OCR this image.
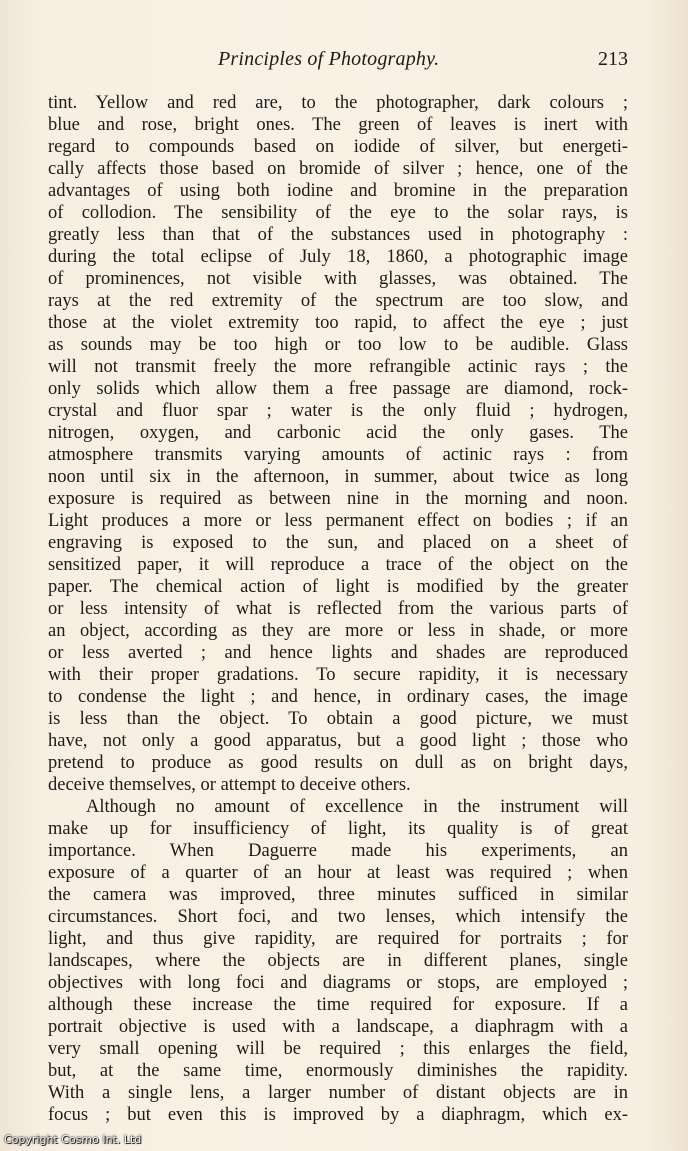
Principles of Photography.	213
tint. Yellow and red are, to the photographer, dark colours ;
blue and rose, bright ones. The green of leaves is inert with
regard to compounds based on iodide of silver, but energeti-
cally affects those based on bromide of silver ; hence, one of the
advantages of using both iodine and bromine in the preparation
of collodion. The sensibility of the eye to the solar rays, is
greatly less than that of the substances used in photography :
during the total eclipse of July 18, 1860, a photographic image
of prominences, not visible with glasses, was obtained. The
rays at the red extremity of the spectrum are too slow, and
those at the violet extremity too rapid, to affect the eye ; just
as sounds may be too high or too low to be audible. Glass
will not transmit freely the more refrangible actinic rays ; the
only solids which allow them a free passage are diamond, rock-
crystal and fluor spar ; water is the only fluid ; hydrogen,
nitrogen, oxygen, and carbonic acid the only gases. The
atmosphere transmits varying amounts of actinic rays : from
noon until six in the afternoon, in summer, about twice as long
exposure is required as between nine in the morning and noon.
Light produces a more or less permanent effect on bodies ; if an
engraving is exposed to the sun, and placed on a sheet of
sensitized paper, it will reproduce a trace of the object on the
paper. The chemical action of light is modified by the greater
or less intensity of what is reflected from the various parts of
an object, according as they are more or less in shade, or more
or less averted ; and hence lights and shades are reproduced
with their proper gradations. To secure rapidity, it is necessary
to condense the light ; and hence, in ordinary cases, the image
is less than the object. To obtain a good picture, we must
have, not only a good apparatus, but a good light ; those who
pretend to produce as good results on dull as on bright days,
deceive themselves, or attempt to deceive others.
Although no amount of excellence in the instrument will
make up for insufficiency of light, its quality is of great
importance. When Daguerre made his experiments, an
exposure of a quarter of an hour at least was required ; when
the camera was improved, three minutes sufficed in similar
circumstances. Short foci, and two lenses, which intensify the
light, and thus give rapidity, are required for portraits ; for
landscapes, where the objects are in different planes, single
objectives with long foci and diagrams or stops, are employed ;
although these increase the time required for exposure. If a
portrait objective is used with a landscape, a diaphragm with a
very small opening will be required ; this enlarges the field,
but, at the same time, enormously diminishes the rapidity.
With a single lens, a larger number of distant objects are in
focus ; but even this is improved by a diaphragm, which ex-
Copyright Cosmo Int. Ltd
